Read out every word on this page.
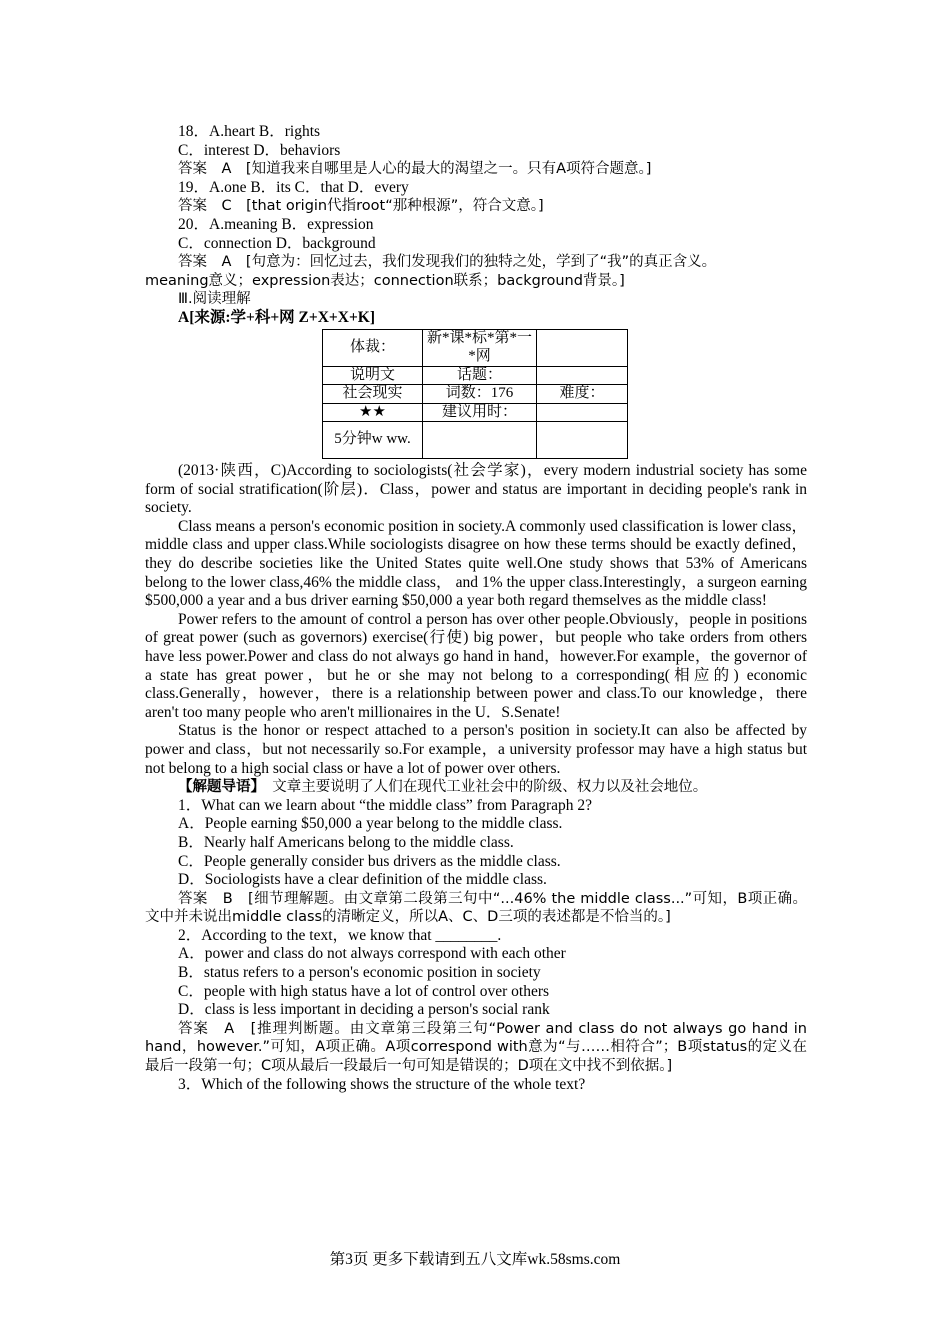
18．A.heart B．rights
C．interest D．behaviors
答案　A　[知道我来自哪里是人心的最大的渴望之一。只有A项符合题意。]
19．A.one B．its C．that D．every
答案　C　[that origin代指root“那种根源”，符合文意。]
20．A.meaning B．expression
C．connection D．background
答案　A　[句意为：回忆过去，我们发现我们的独特之处，学到了“我”的真正含义。
meaning意义；expression表达；connection联系；background背景。]
Ⅲ.阅读理解
A[来源:学+科+网 Z+X+X+K]
体裁：	新*课*标*第*一*网	
说明文	话题：	
社会现实	词数：176	难度：
★★	建议用时：	
5分钟w ww.		
(2013·陕西，C)According to sociologists(社会学家)，every modern industrial society has some form of social stratification(阶层)．Class，power and status are important in deciding people's rank in society.
Class means a person's economic position in society.A commonly used classification is lower class，middle class and upper class.While sociologists disagree on how these terms should be exactly defined，they do describe societies like the United States quite well.One study shows that 53% of Americans belong to the lower class,46% the middle class， and 1% the upper class.Interestingly，a surgeon earning $500,000 a year and a bus driver earning $50,000 a year both regard themselves as the middle class!
Power refers to the amount of control a person has over other people.Obviously，people in positions of great power (such as governors) exercise(行使) big power，but people who take orders from others have less power.Power and class do not always go hand in hand，however.For example，the governor of a state has great power，but he or she may not belong to a corresponding(相应的) economic class.Generally，however，there is a relationship between power and class.To our knowledge，there aren't too many people who aren't millionaires in the U．S.Senate!
Status is the honor or respect attached to a person's position in society.It can also be affected by power and class，but not necessarily so.For example，a university professor may have a high status but not belong to a high social class or have a lot of power over others.
【解题导语】　文章主要说明了人们在现代工业社会中的阶级、权力以及社会地位。
1．What can we learn about “the middle class” from Paragraph 2?
A．People earning $50,000 a year belong to the middle class.
B．Nearly half Americans belong to the middle class.
C．People generally consider bus drivers as the middle class.
D．Sociologists have a clear definition of the middle class.
答案　B　[细节理解题。由文章第二段第三句中“...46% the middle class...”可知，B项正确。文中并未说出middle class的清晰定义，所以A、C、D三项的表述都是不恰当的。]
2．According to the text，we know that ________.
A．power and class do not always correspond with each other
B．status refers to a person's economic position in society
C．people with high status have a lot of control over others
D．class is less important in deciding a person's social rank
答案　A　[推理判断题。由文章第三段第三句“Power and class do not always go hand in hand，however.”可知，A项正确。A项correspond with意为“与……相符合”；B项status的定义在最后一段第一句；C项从最后一段最后一句可知是错误的；D项在文中找不到依据。]
3．Which of the following shows the structure of the whole text?
第3页 更多下载请到五八文库wk.58sms.com
